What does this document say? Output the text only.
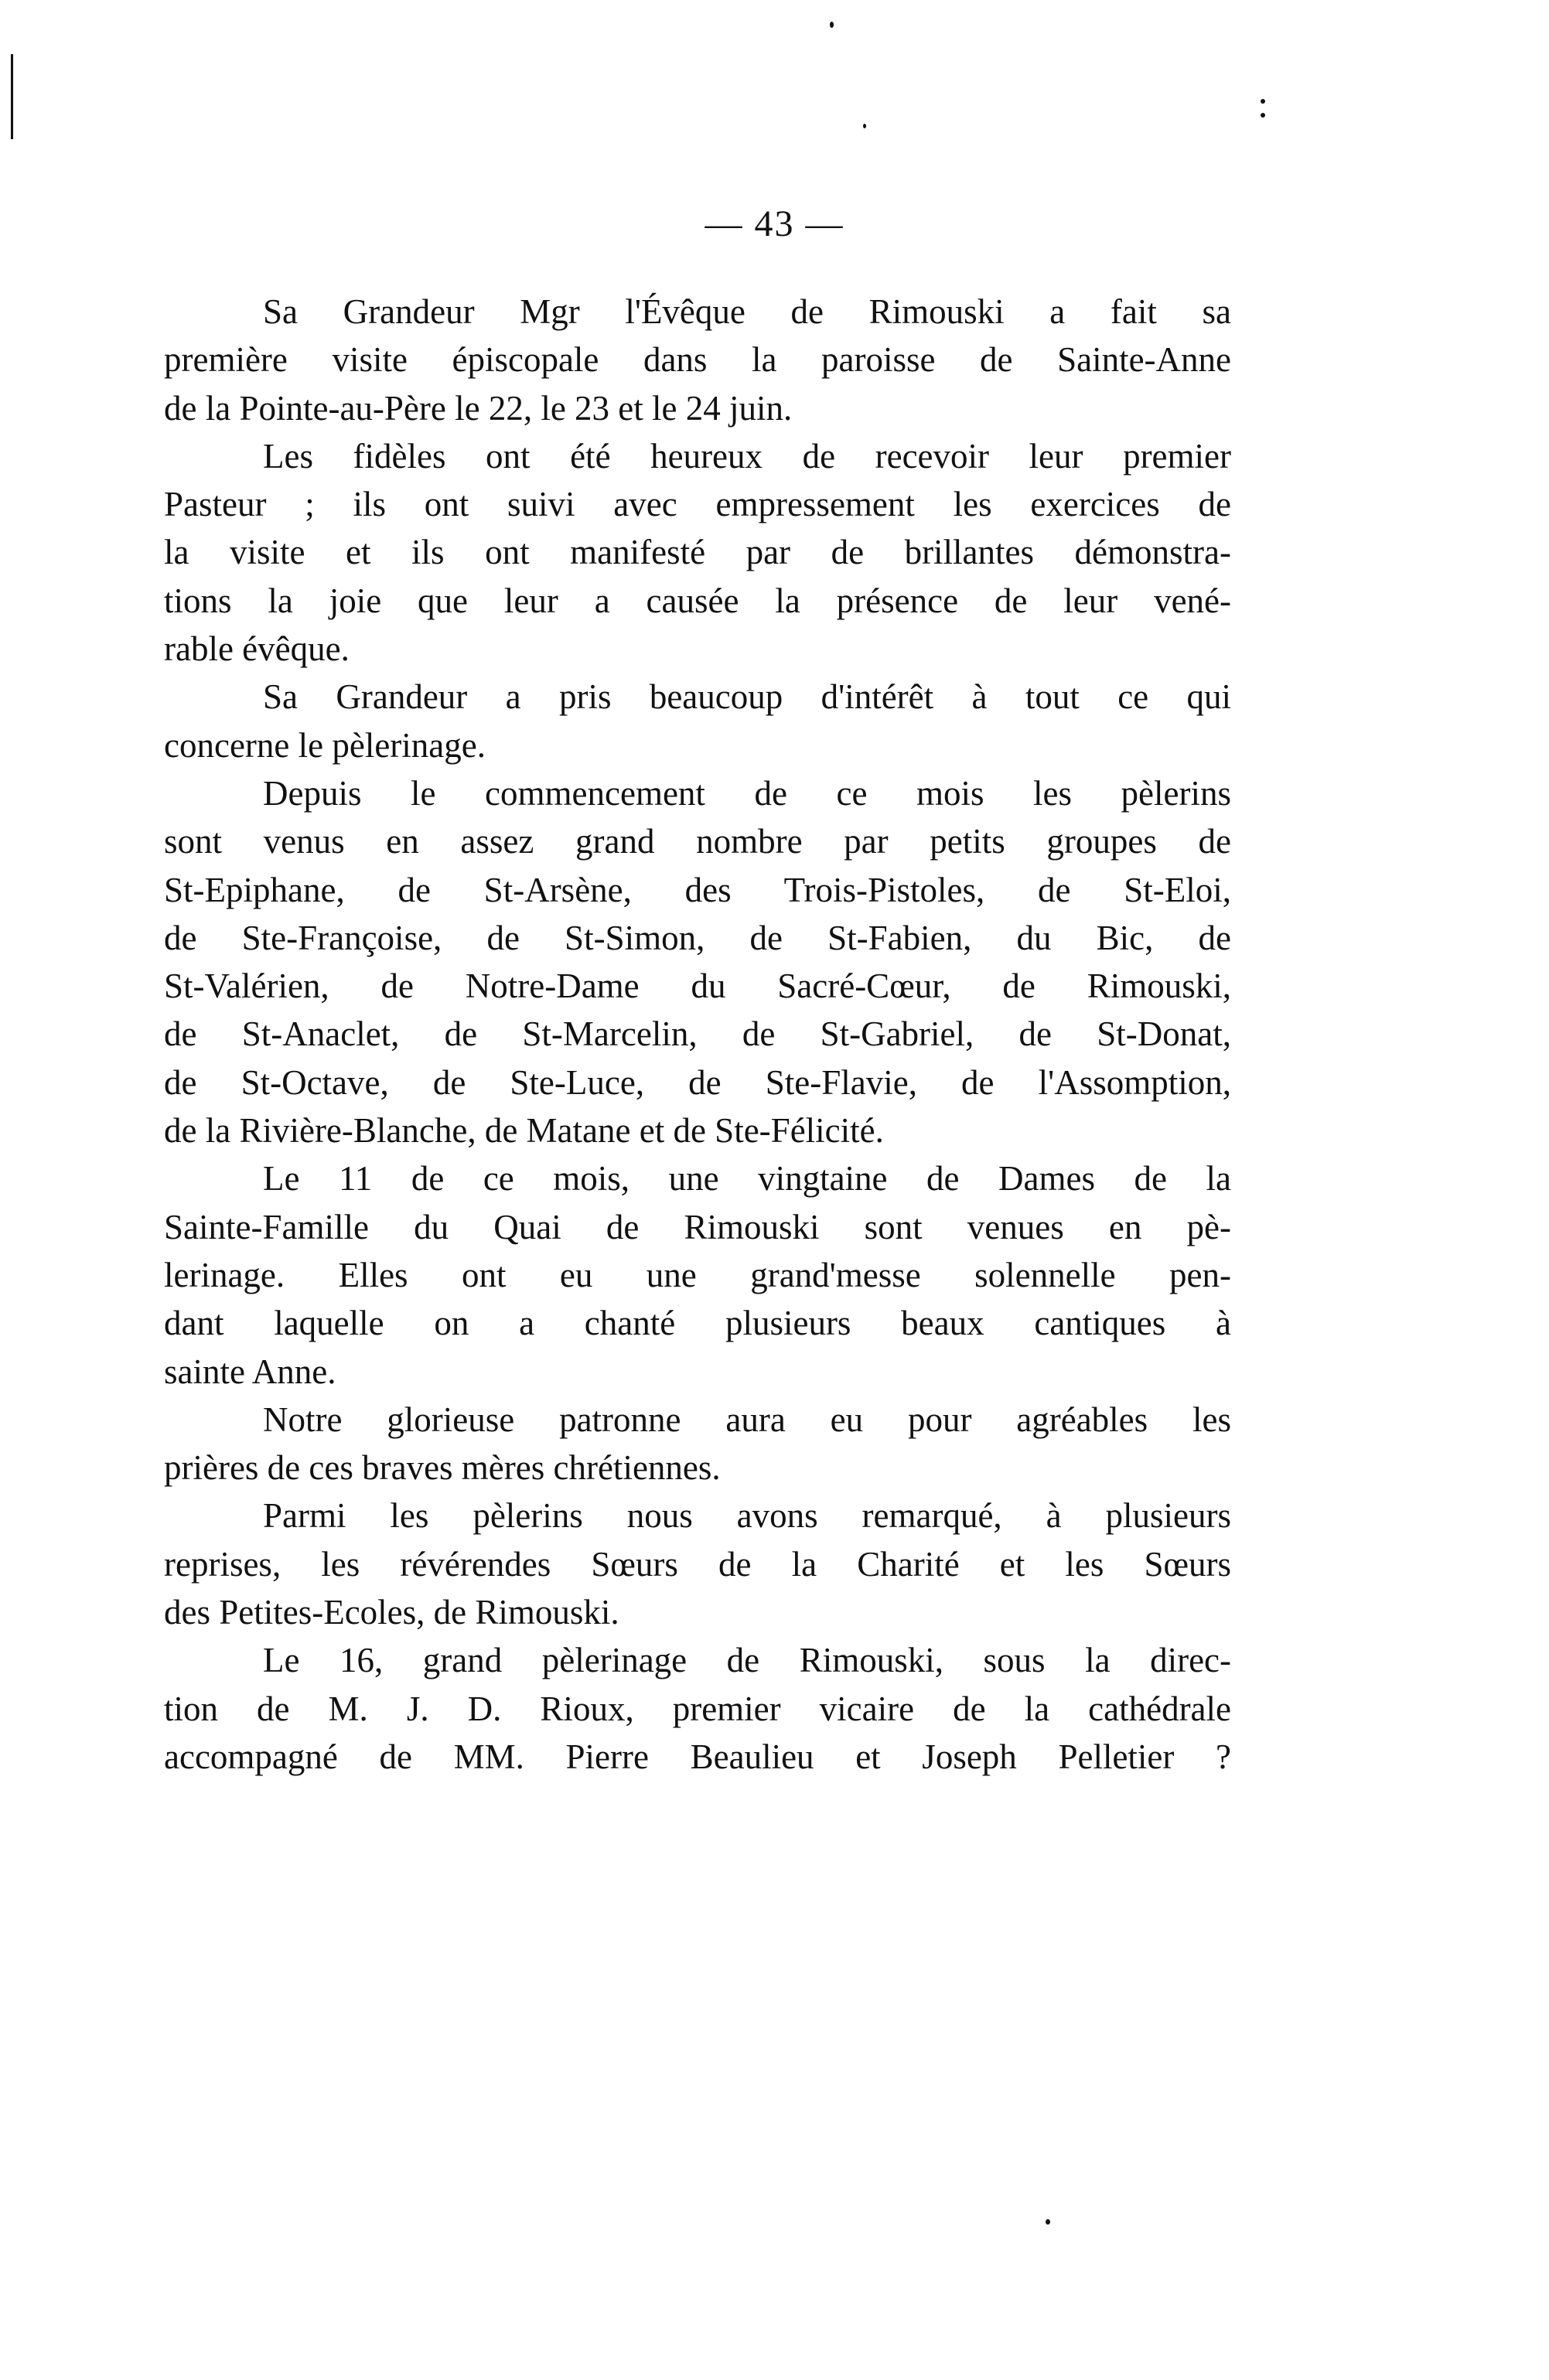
— 43 —
Sa Grandeur Mgr l'Évêque de Rimouski a fait sa
première visite épiscopale dans la paroisse de Sainte-Anne
de la Pointe-au-Père le 22, le 23 et le 24 juin.
Les fidèles ont été heureux de recevoir leur premier
Pasteur ; ils ont suivi avec empressement les exercices de
la visite et ils ont manifesté par de brillantes démonstra-
tions la joie que leur a causée la présence de leur vené-
rable évêque.
Sa Grandeur a pris beaucoup d'intérêt à tout ce qui
concerne le pèlerinage.
Depuis le commencement de ce mois les pèlerins
sont venus en assez grand nombre par petits groupes de
St-Epiphane, de St-Arsène, des Trois-Pistoles, de St-Eloi,
de Ste-Françoise, de St-Simon, de St-Fabien, du Bic, de
St-Valérien, de Notre-Dame du Sacré-Cœur, de Rimouski,
de St-Anaclet, de St-Marcelin, de St-Gabriel, de St-Donat,
de St-Octave, de Ste-Luce, de Ste-Flavie, de l'Assomption,
de la Rivière-Blanche, de Matane et de Ste-Félicité.
Le 11 de ce mois, une vingtaine de Dames de la
Sainte-Famille du Quai de Rimouski sont venues en pè-
lerinage. Elles ont eu une grand'messe solennelle pen-
dant laquelle on a chanté plusieurs beaux cantiques à
sainte Anne.
Notre glorieuse patronne aura eu pour agréables les
prières de ces braves mères chrétiennes.
Parmi les pèlerins nous avons remarqué, à plusieurs
reprises, les révérendes Sœurs de la Charité et les Sœurs
des Petites-Ecoles, de Rimouski.
Le 16, grand pèlerinage de Rimouski, sous la direc-
tion de M. J. D. Rioux, premier vicaire de la cathédrale
accompagné de MM. Pierre Beaulieu et Joseph Pelletier ?
